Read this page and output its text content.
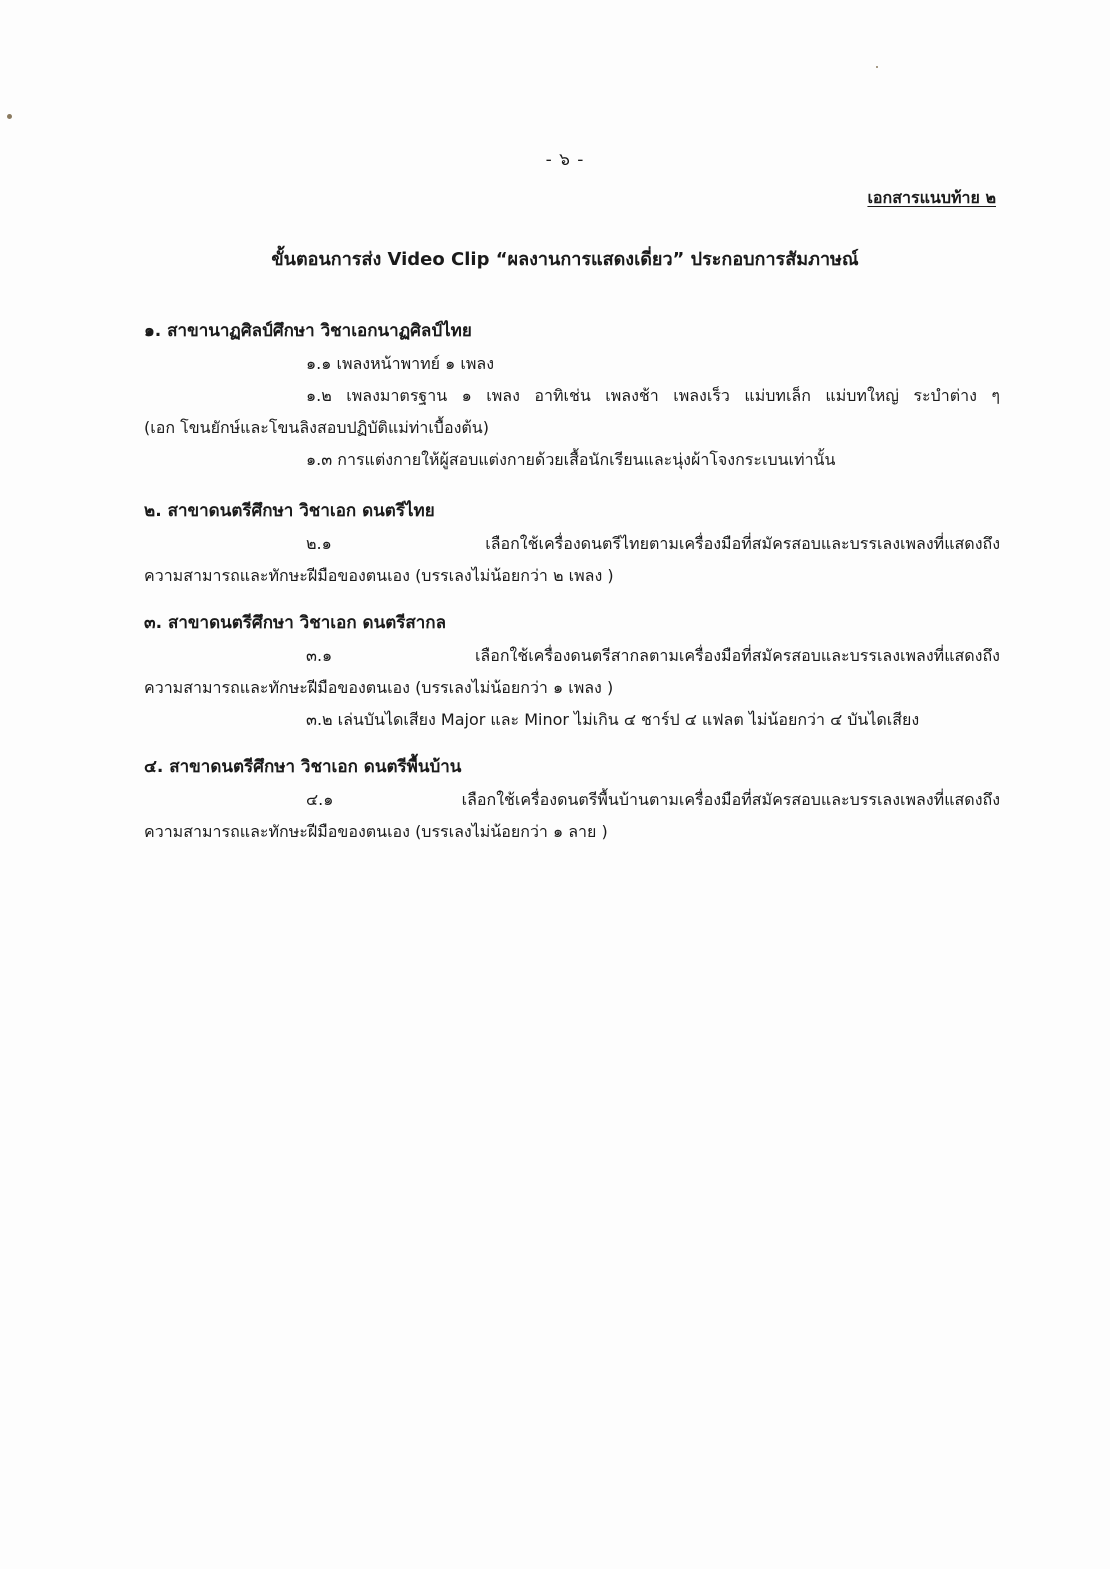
- ๖ -
เอกสารแนบท้าย ๒
ขั้นตอนการส่ง Video Clip “ผลงานการแสดงเดี่ยว” ประกอบการสัมภาษณ์
๑. สาขานาฏศิลป์ศึกษา วิชาเอกนาฏศิลป์ไทย
๑.๑ เพลงหน้าพาทย์ ๑ เพลง
๑.๒ เพลงมาตรฐาน ๑ เพลง อาทิเช่น เพลงช้า เพลงเร็ว แม่บทเล็ก แม่บทใหญ่ ระบำต่าง ๆ
(เอก โขนยักษ์และโขนลิงสอบปฏิบัติแม่ท่าเบื้องต้น)
๑.๓ การแต่งกายให้ผู้สอบแต่งกายด้วยเสื้อนักเรียนและนุ่งผ้าโจงกระเบนเท่านั้น
๒. สาขาดนตรีศึกษา วิชาเอก ดนตรีไทย
๒.๑ เลือกใช้เครื่องดนตรีไทยตามเครื่องมือที่สมัครสอบและบรรเลงเพลงที่แสดงถึง
ความสามารถและทักษะฝีมือของตนเอง (บรรเลงไม่น้อยกว่า ๒ เพลง )
๓. สาขาดนตรีศึกษา วิชาเอก ดนตรีสากล
๓.๑ เลือกใช้เครื่องดนตรีสากลตามเครื่องมือที่สมัครสอบและบรรเลงเพลงที่แสดงถึง
ความสามารถและทักษะฝีมือของตนเอง (บรรเลงไม่น้อยกว่า ๑ เพลง )
๓.๒ เล่นบันไดเสียง Major และ Minor ไม่เกิน ๔ ชาร์ป ๔ แฟลต ไม่น้อยกว่า ๔ บันไดเสียง
๔. สาขาดนตรีศึกษา วิชาเอก ดนตรีพื้นบ้าน
๔.๑ เลือกใช้เครื่องดนตรีพื้นบ้านตามเครื่องมือที่สมัครสอบและบรรเลงเพลงที่แสดงถึง
ความสามารถและทักษะฝีมือของตนเอง (บรรเลงไม่น้อยกว่า ๑ ลาย )
